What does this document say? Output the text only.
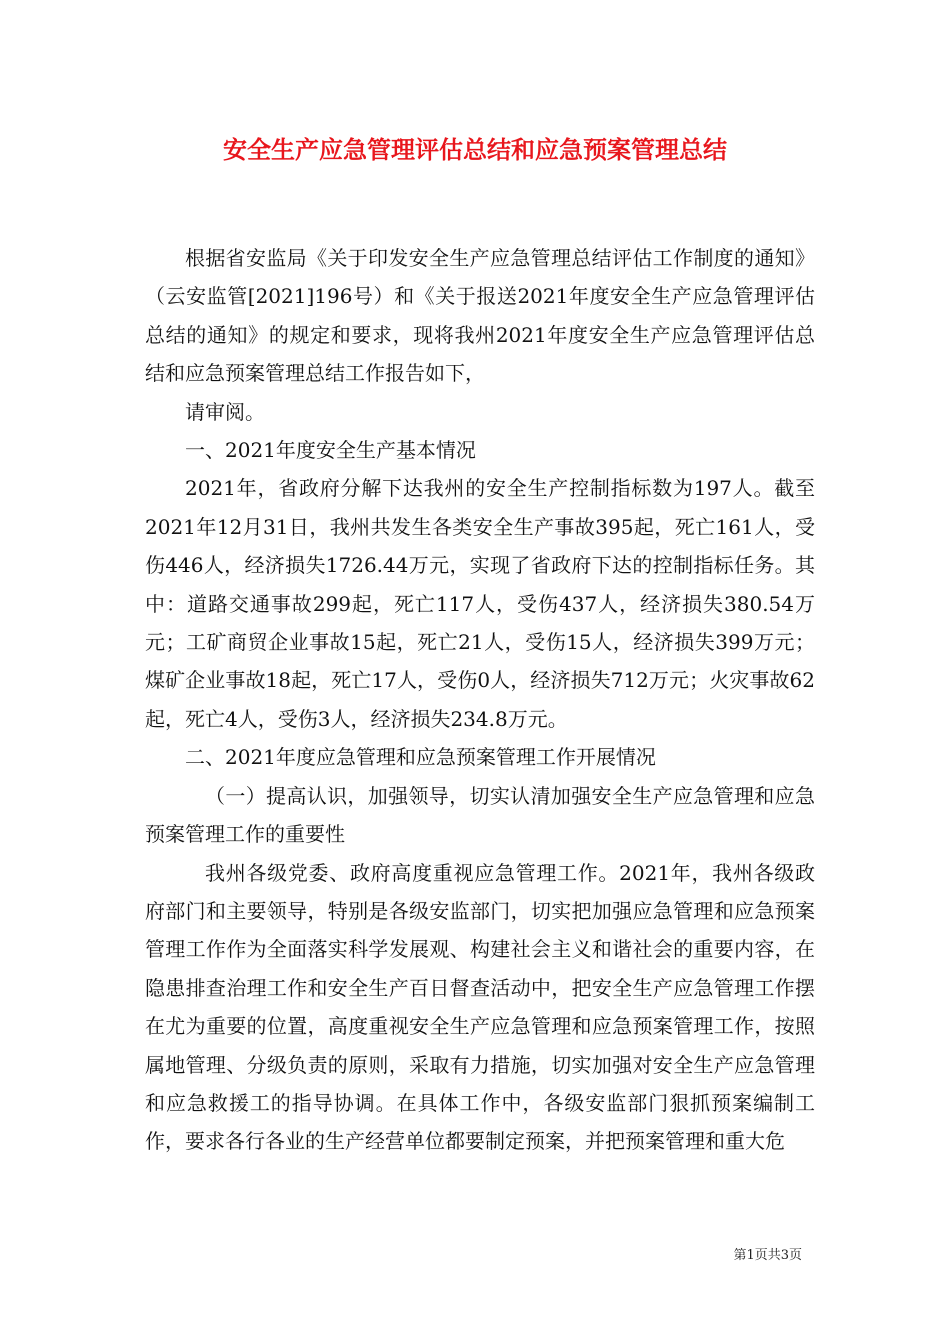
安全生产应急管理评估总结和应急预案管理总结

根据省安监局《关于印发安全生产应急管理总结评估工作制度的通知》（云安监管[2021]196号）和《关于报送2021年度安全生产应急管理评估总结的通知》的规定和要求，现将我州2021年度安全生产应急管理评估总结和应急预案管理总结工作报告如下，

请审阅。

一、2021年度安全生产基本情况

2021年，省政府分解下达我州的安全生产控制指标数为197人。截至2021年12月31日，我州共发生各类安全生产事故395起，死亡161人，受伤446人，经济损失1726.44万元，实现了省政府下达的控制指标任务。其中：道路交通事故299起，死亡117人，受伤437人，经济损失380.54万元；工矿商贸企业事故15起，死亡21人，受伤15人，经济损失399万元；煤矿企业事故18起，死亡17人，受伤0人，经济损失712万元；火灾事故62起，死亡4人，受伤3人，经济损失234.8万元。

二、2021年度应急管理和应急预案管理工作开展情况

（一）提高认识，加强领导，切实认清加强安全生产应急管理和应急预案管理工作的重要性

我州各级党委、政府高度重视应急管理工作。2021年，我州各级政府部门和主要领导，特别是各级安监部门，切实把加强应急管理和应急预案管理工作作为全面落实科学发展观、构建社会主义和谐社会的重要内容，在隐患排查治理工作和安全生产百日督查活动中，把安全生产应急管理工作摆在尤为重要的位置，高度重视安全生产应急管理和应急预案管理工作，按照属地管理、分级负责的原则，采取有力措施，切实加强对安全生产应急管理和应急救援工的指导协调。在具体工作中，各级安监部门狠抓预案编制工作，要求各行各业的生产经营单位都要制定预案，并把预案管理和重大危

第1页共3页
